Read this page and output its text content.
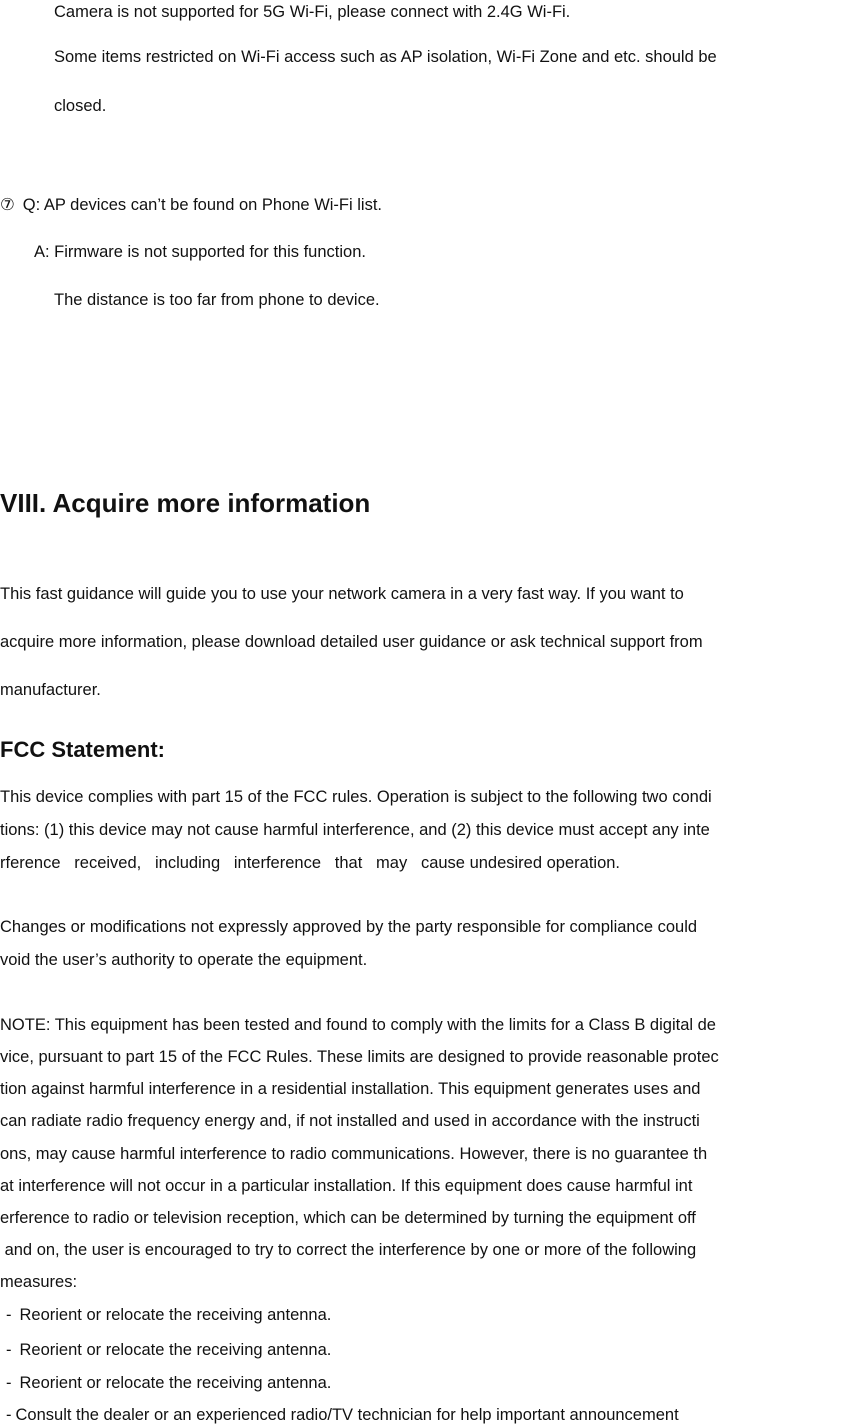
Camera is not supported for 5G Wi-Fi, please connect with 2.4G Wi-Fi.
Some items restricted on Wi-Fi access such as AP isolation, Wi-Fi Zone and etc. should be
closed.
⑦ Q: AP devices can’t be found on Phone Wi-Fi list.
A: Firmware is not supported for this function.
The distance is too far from phone to device.
VIII. Acquire more information
This fast guidance will guide you to use your network camera in a very fast way. If you want to
acquire more information, please download detailed user guidance or ask technical support from
manufacturer.
FCC Statement:
This device complies with part 15 of the FCC rules. Operation is subject to the following two condi
tions: (1) this device may not cause harmful interference, and (2) this device must accept any inte
rference   received,   including   interference   that   may   cause undesired operation.
Changes or modifications not expressly approved by the party responsible for compliance could
void the user’s authority to operate the equipment.
NOTE: This equipment has been tested and found to comply with the limits for a Class B digital de
vice, pursuant to part 15 of the FCC Rules. These limits are designed to provide reasonable protec
tion against harmful interference in a residential installation. This equipment generates uses and
can radiate radio frequency energy and, if not installed and used in accordance with the instructi
ons, may cause harmful interference to radio communications. However, there is no guarantee th
at interference will not occur in a particular installation. If this equipment does cause harmful int
erference to radio or television reception, which can be determined by turning the equipment off
and on, the user is encouraged to try to correct the interference by one or more of the following
measures:
- Reorient or relocate the receiving antenna.
- Reorient or relocate the receiving antenna.
- Reorient or relocate the receiving antenna.
- Consult the dealer or an experienced radio/TV technician for help important announcement
